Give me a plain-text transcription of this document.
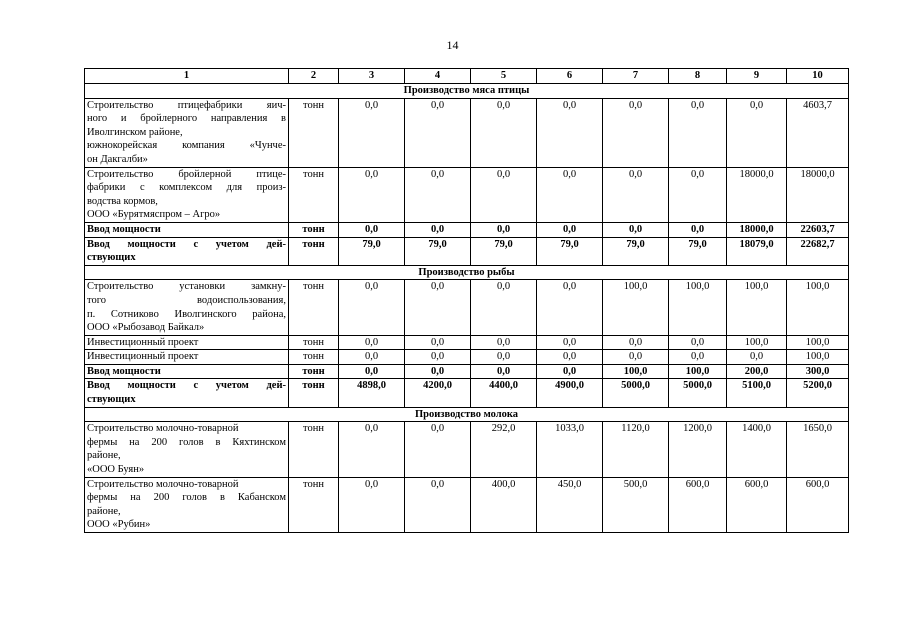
14
1	2	3	4	5	6	7	8	9	10
Производство мяса птицы									

Строительство птицефабрики яич-
ного и бройлерного направления в
Иволгинском районе,
южнокорейская компания «Чунче-
он Дакгалби»	тонн	0,0	0,0	0,0	0,0	0,0	0,0	0,0	4603,7

Строительство бройлерной птице-
фабрики с комплексом для произ-
водства кормов,
ООО «Бурятмяспром – Агро»	тонн	0,0	0,0	0,0	0,0	0,0	0,0	18000,0	18000,0

Ввод мощности	тонн	0,0	0,0	0,0	0,0	0,0	0,0	18000,0	22603,7

Ввод мощности с учетом дей-
ствующих	тонн	79,0	79,0	79,0	79,0	79,0	79,0	18079,0	22682,7
Производство рыбы									

Строительство установки замкну-
того водоиспользования,
п. Сотниково Иволгинского района,
ООО «Рыбозавод Байкал»	тонн	0,0	0,0	0,0	0,0	100,0	100,0	100,0	100,0

Инвестиционный проект	тонн	0,0	0,0	0,0	0,0	0,0	0,0	100,0	100,0

Инвестиционный проект	тонн	0,0	0,0	0,0	0,0	0,0	0,0	0,0	100,0

Ввод мощности	тонн	0,0	0,0	0,0	0,0	100,0	100,0	200,0	300,0

Ввод мощности с учетом дей-
ствующих	тонн	4898,0	4200,0	4400,0	4900,0	5000,0	5000,0	5100,0	5200,0
Производство молока									

Строительство молочно-товарной
фермы на 200 голов в Кяхтинском
районе,
«ООО Буян»	тонн	0,0	0,0	292,0	1033,0	1120,0	1200,0	1400,0	1650,0

Строительство молочно-товарной
фермы на 200 голов в Кабанском
районе,
ООО «Рубин»	тонн	0,0	0,0	400,0	450,0	500,0	600,0	600,0	600,0
